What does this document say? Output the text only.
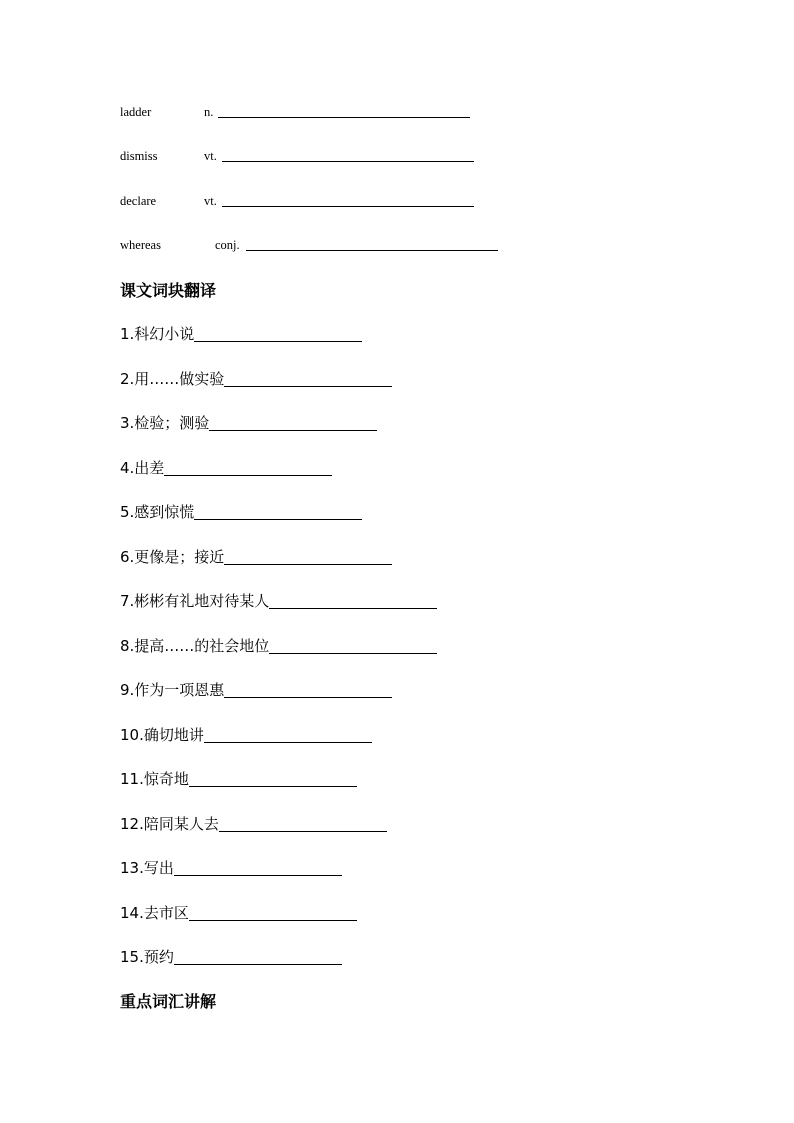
ladder	n.
dismiss	vt.
declare	vt.
whereas	conj.
课文词块翻译
1.科幻小说
2.用……做实验
3.检验；测验
4.出差
5.感到惊慌
6.更像是；接近
7.彬彬有礼地对待某人
8.提高……的社会地位
9.作为一项恩惠
10.确切地讲
11.惊奇地
12.陪同某人去
13.写出
14.去市区
15.预约
重点词汇讲解
